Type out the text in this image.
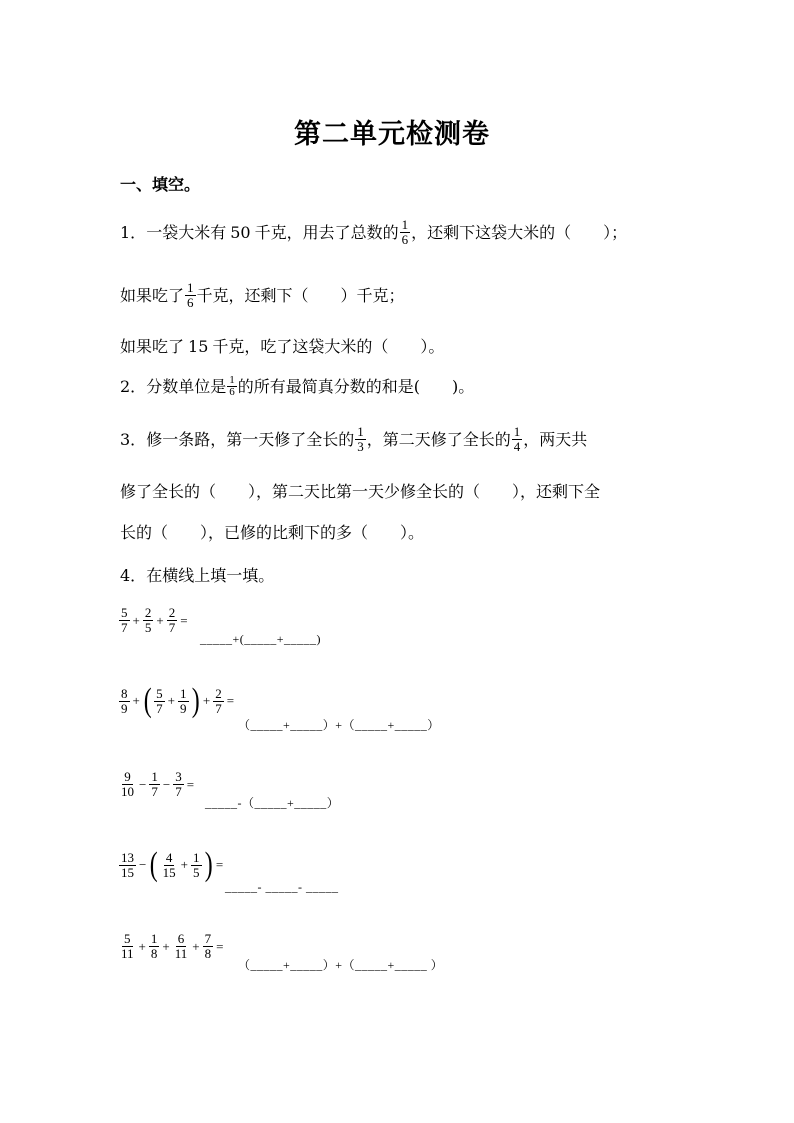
第二单元检测卷
一、填空。
1． 一袋大米有 50 千克，用去了总数的 $\frac{1}{6}$ ，还剩下这袋大米的（　　）；
如果吃了 $\frac{1}{6}$ 千克，还剩下（　　）千克；
如果吃了 15 千克，吃了这袋大米的（　　）。
2． 分数单位是 $\frac{1}{6}$ 的所有最简真分数的和是(　　)。
3． 修一条路，第一天修了全长的 $\frac{1}{3}$ ，第二天修了全长的 $\frac{1}{4}$ ，两天共
修了全长的（　　），第二天比第一天少修全长的（　　），还剩下全
长的（　　），已修的比剩下的多（　　）。
4．在横线上填一填。
$\frac{5}{7} + \frac{2}{5} + \frac{2}{7}$ =
_____+(_____+_____)
$\frac{8}{9}$ + ( $\frac{5}{7} + \frac{1}{9}$ ) + $\frac{2}{7}$ =
（_____+_____）+（_____+_____）
$\frac{9}{10} - \frac{1}{7} - \frac{3}{7}$ =
_____-（_____+_____）
$\frac{13}{15}$ − ( $\frac{4}{15} + \frac{1}{5}$ ) =
_____- _____- _____
$\frac{5}{11} + \frac{1}{8} + \frac{6}{11} + \frac{7}{8}$ =
（_____+_____）+（_____+_____ ）
